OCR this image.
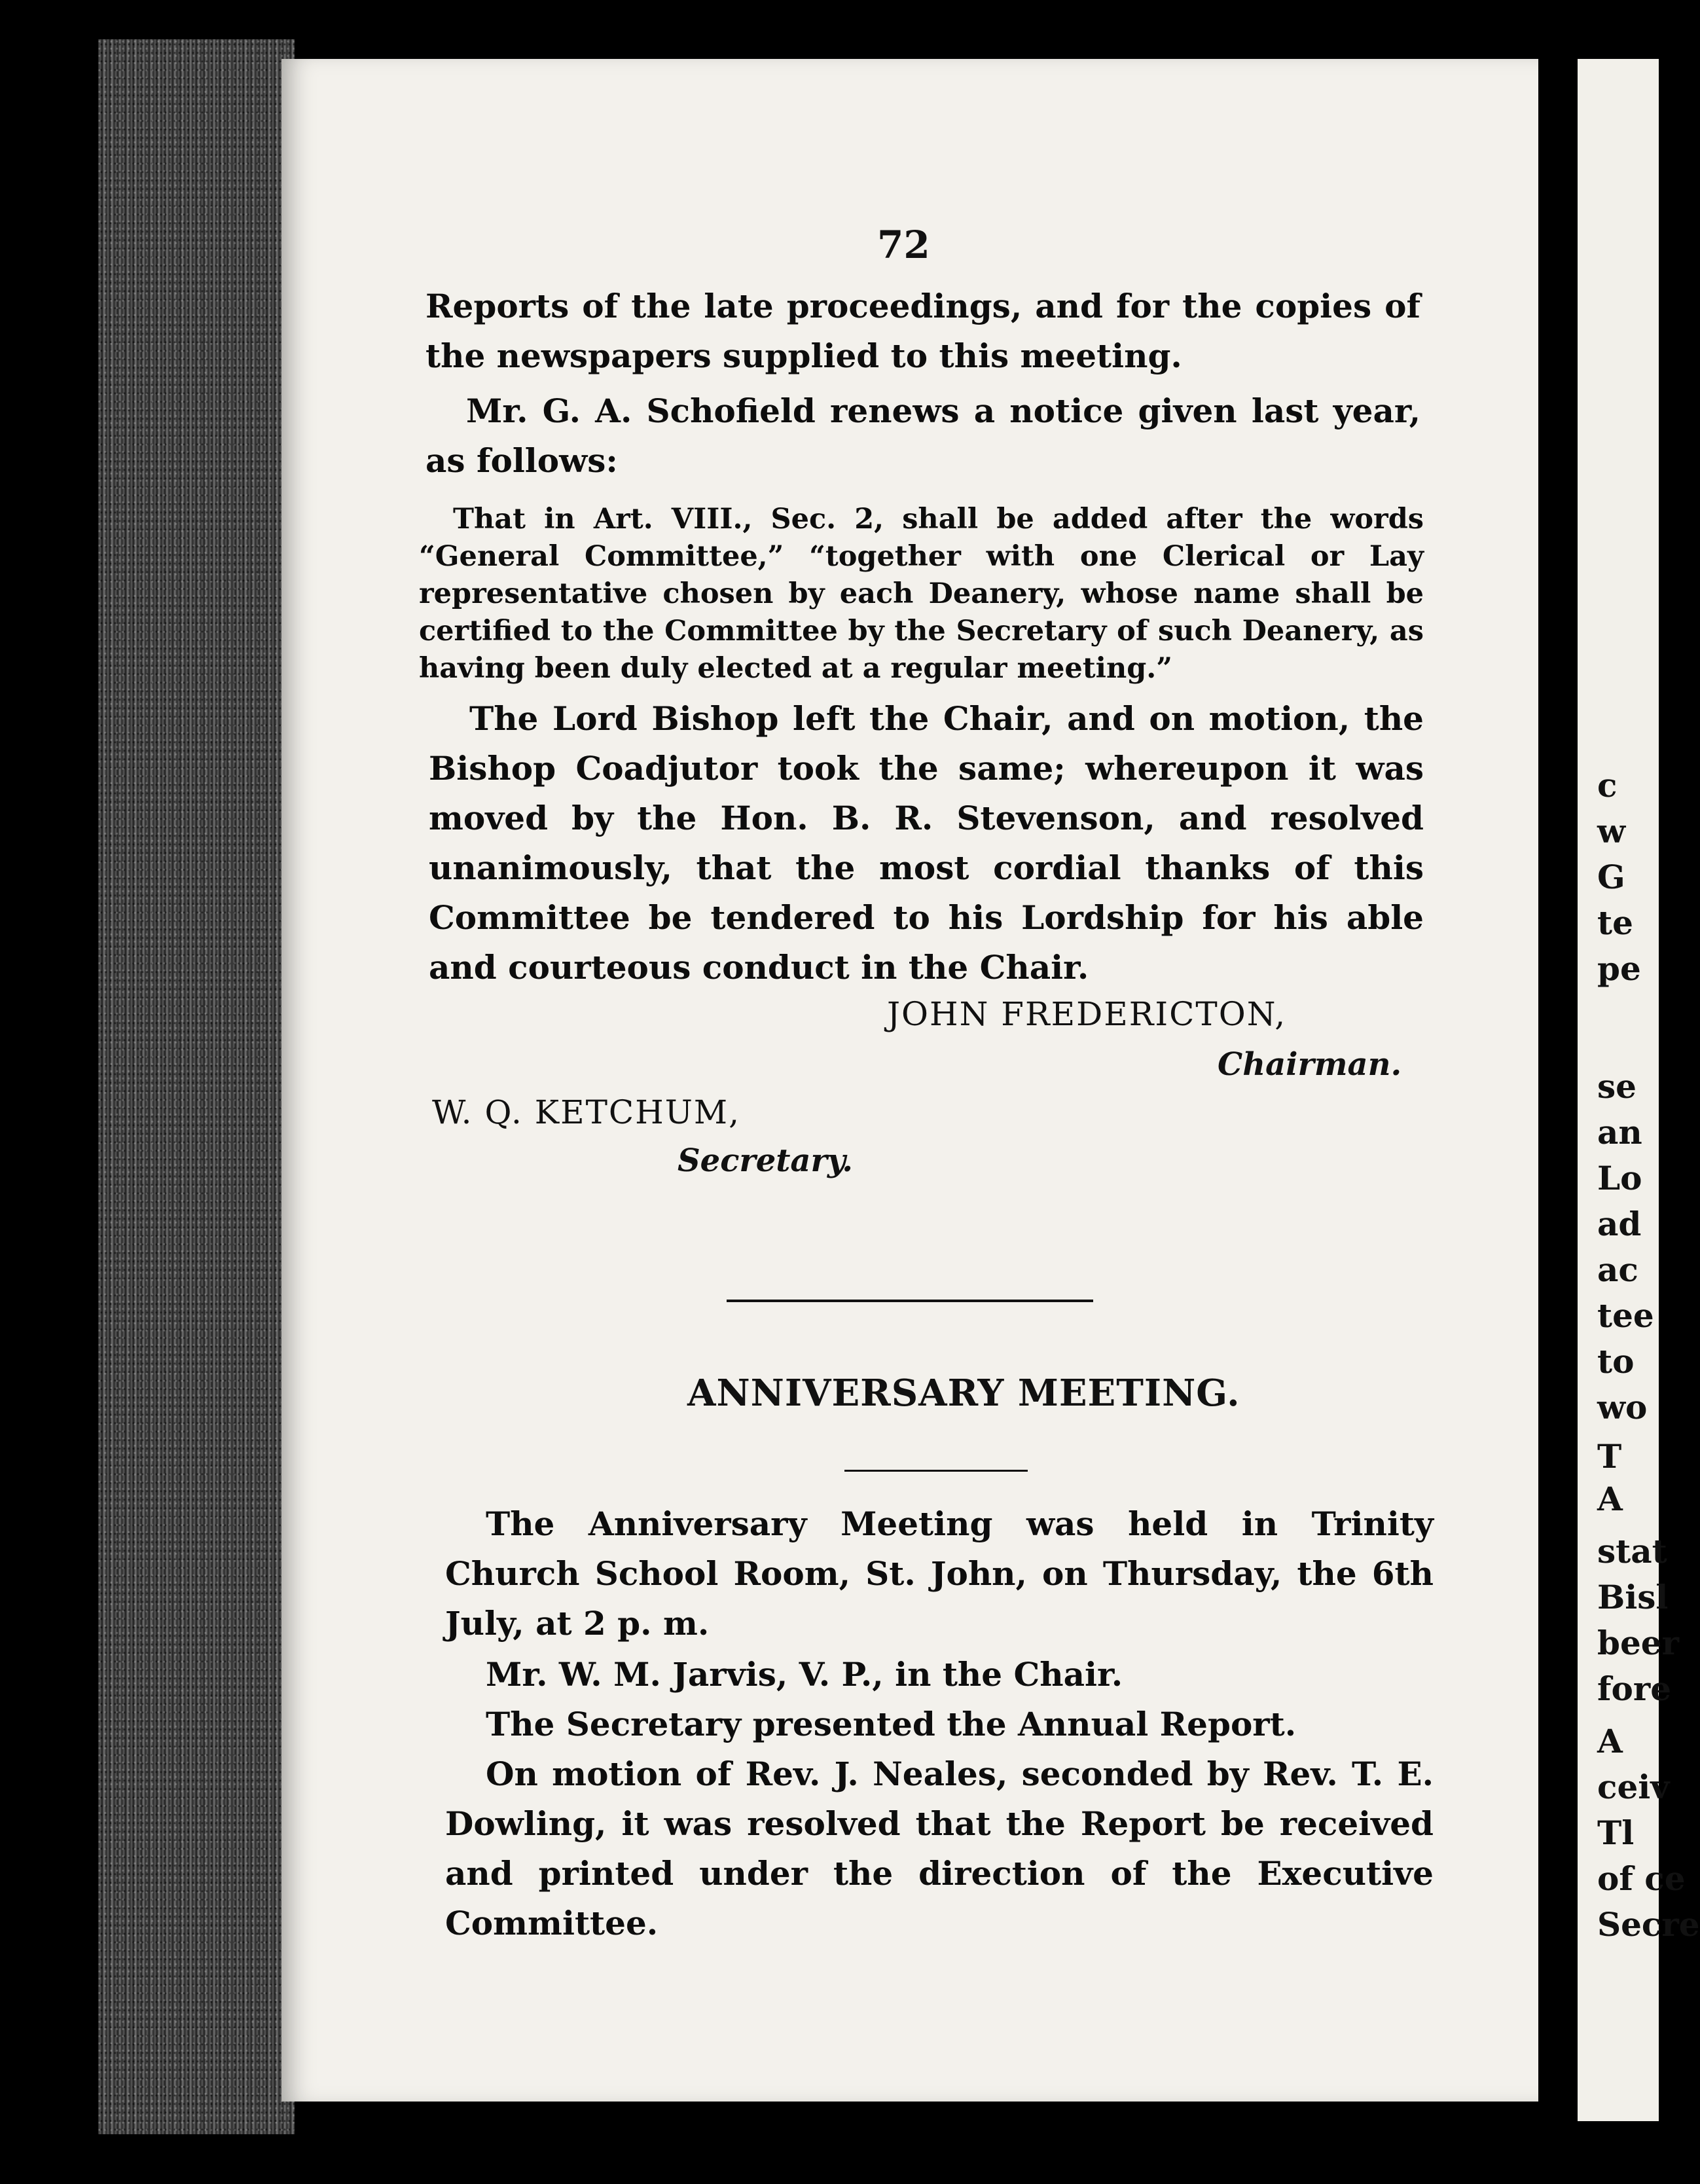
c
w
G
te
pe
se
an
Lo
ad
ac
tee
to
wo
T
A
stat
Bisl
beer
fore
A
ceiv
Tl
of ce
Secre
72
Reports of the late proceedings, and for the copies of the newspapers supplied to this meeting.
Mr. G. A. Schofield renews a notice given last year, as follows:
That in Art. VIII., Sec. 2, shall be added after the words “General Committee,” “together with one Clerical or Lay representative chosen by each Deanery, whose name shall be certified to the Committee by the Secretary of such Deanery, as having been duly elected at a regular meeting.”
The Lord Bishop left the Chair, and on motion, the Bishop Coadjutor took the same; whereupon it was moved by the Hon. B. R. Stevenson, and resolved unanimously, that the most cordial thanks of this Committee be tendered to his Lordship for his able and courteous conduct in the Chair.
JOHN FREDERICTON,
Chairman.
W. Q. KETCHUM,
Secretary.
ANNIVERSARY MEETING.
The Anniversary Meeting was held in Trinity Church School Room, St. John, on Thursday, the 6th July, at 2 p. m.
Mr. W. M. Jarvis, V. P., in the Chair.
The Secretary presented the Annual Report.
On motion of Rev. J. Neales, seconded by Rev. T. E. Dowling, it was resolved that the Report be received and printed under the direction of the Executive Committee.
